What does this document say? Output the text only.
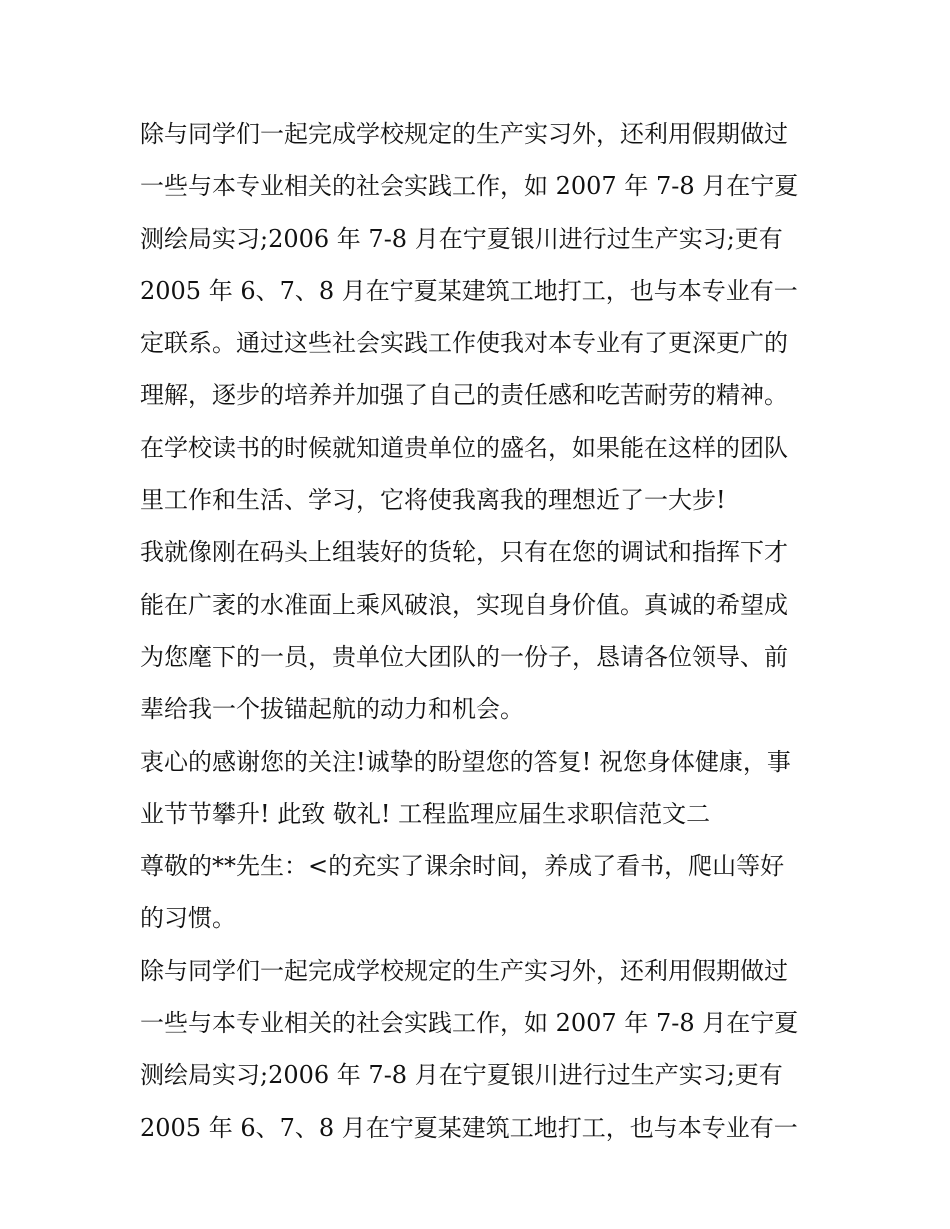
除与同学们一起完成学校规定的生产实习外，还利用假期做过
一些与本专业相关的社会实践工作，如 2007 年 7-8 月在宁夏
测绘局实习;2006 年 7-8 月在宁夏银川进行过生产实习;更有
2005 年 6、7、8 月在宁夏某建筑工地打工，也与本专业有一
定联系。通过这些社会实践工作使我对本专业有了更深更广的
理解，逐步的培养并加强了自己的责任感和吃苦耐劳的精神。
在学校读书的时候就知道贵单位的盛名，如果能在这样的团队
里工作和生活、学习，它将使我离我的理想近了一大步!
我就像刚在码头上组装好的货轮，只有在您的调试和指挥下才
能在广袤的水准面上乘风破浪，实现自身价值。真诚的希望成
为您麾下的一员，贵单位大团队的一份子，恳请各位领导、前
辈给我一个拔锚起航的动力和机会。
衷心的感谢您的关注!诚挚的盼望您的答复! 祝您身体健康，事
业节节攀升! 此致 敬礼! 工程监理应届生求职信范文二
尊敬的**先生：<的充实了课余时间，养成了看书，爬山等好
的习惯。
除与同学们一起完成学校规定的生产实习外，还利用假期做过
一些与本专业相关的社会实践工作，如 2007 年 7-8 月在宁夏
测绘局实习;2006 年 7-8 月在宁夏银川进行过生产实习;更有
2005 年 6、7、8 月在宁夏某建筑工地打工，也与本专业有一
